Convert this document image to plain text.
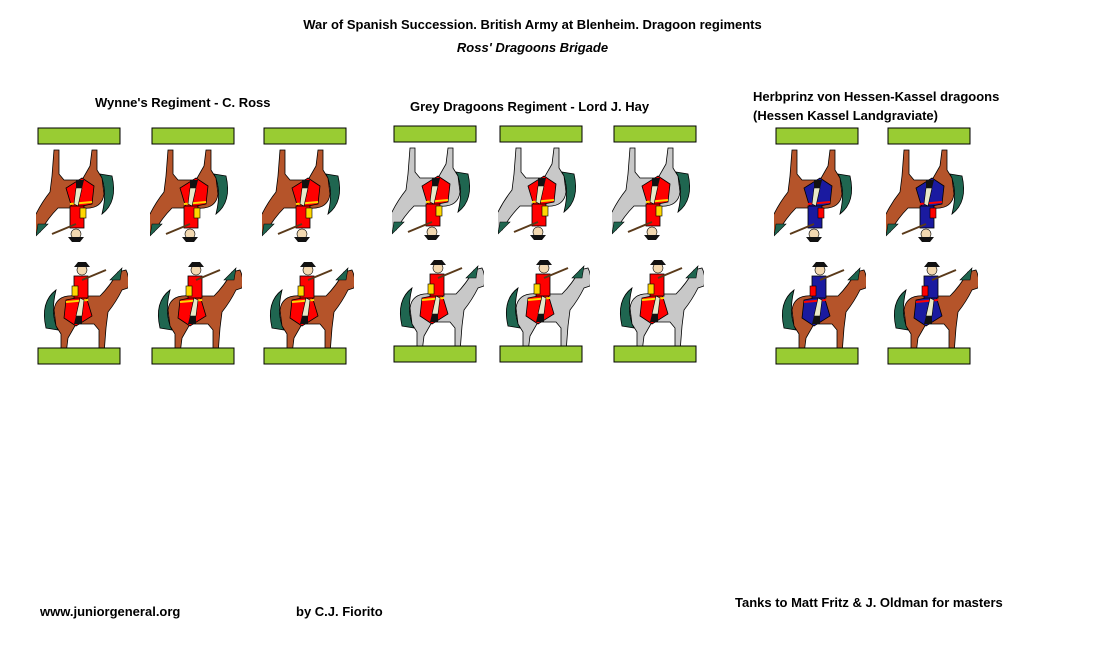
War of Spanish Succession. British Army at Blenheim. Dragoon regiments
Ross' Dragoons Brigade
Wynne's Regiment - C. Ross	Grey Dragoons Regiment - Lord J. Hay
Herbprinz von Hessen-Kassel dragoons
(Hessen Kassel Landgraviate)
www.juniorgeneral.org	by C.J. Fiorito
Tanks to Matt Fritz & J. Oldman for masters
